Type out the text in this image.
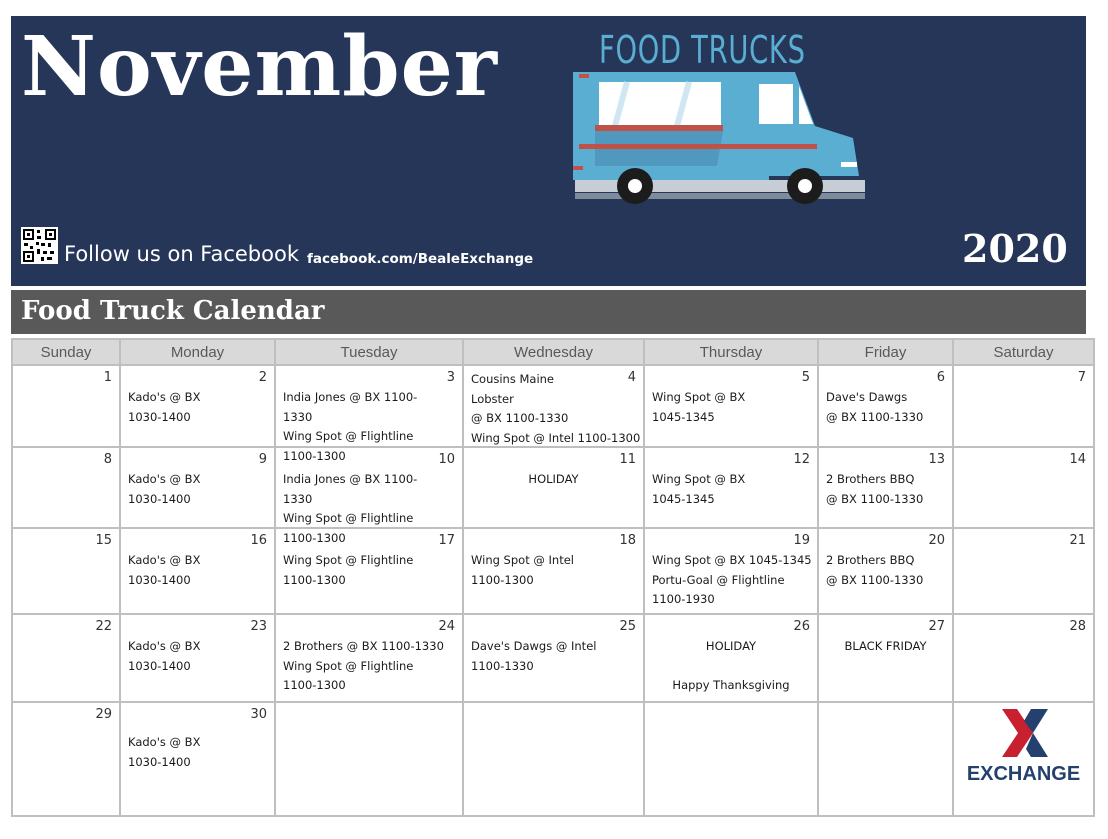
November	FOOD TRUCKS
Follow us on Facebook facebook.com/BealeExchange	2020
Food Truck Calendar
Sunday	Monday	Tuesday	Wednesday	Thursday	Friday	Saturday

1	2
Kado's @ BX
1030-1400	3
India Jones @ BX 1100-1330
Wing Spot @ Flightline
1100-1300	4
Cousins Maine
Lobster
@ BX 1100-1330
Wing Spot @ Intel 1100-1300	5
Wing Spot @ BX
1045-1345	6
Dave's Dawgs
@ BX 1100-1330	7

8	9
Kado's @ BX
1030-1400	10
India Jones @ BX 1100-1330
Wing Spot @ Flightline
1100-1300	11
HOLIDAY	12
Wing Spot @ BX
1045-1345	13
2 Brothers BBQ
@ BX 1100-1330	14

15	16
Kado's @ BX
1030-1400	17
Wing Spot @ Flightline
1100-1300	18
Wing Spot @ Intel
1100-1300	19
Wing Spot @ BX 1045-1345
Portu-Goal @ Flightline
1100-1930	20
2 Brothers BBQ
@ BX 1100-1330	21

22	23
Kado's @ BX
1030-1400	24
2 Brothers @ BX 1100-1330
Wing Spot @ Flightline
1100-1300	25
Dave's Dawgs @ Intel
1100-1330	26
HOLIDAY

Happy Thanksgiving	27
BLACK FRIDAY	28

29	30
Kado's @ BX
1030-1400					EXCHANGE
